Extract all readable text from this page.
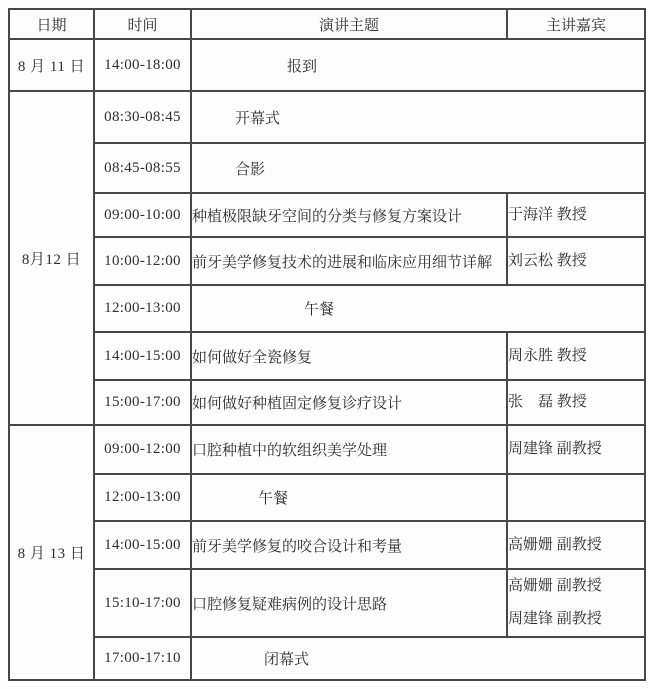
日期	时间	演讲主题	主讲嘉宾
8 月 11 日	14:00-18:00	报到	
8月12 日	08:30-08:45	开幕式	
	08:45-08:55	合影	
	09:00-10:00	种植极限缺牙空间的分类与修复方案设计	于海洋 教授

	10:00-12:00	前牙美学修复技术的进展和临床应用细节详解	刘云松 教授

	12:00-13:00	午餐	
	14:00-15:00	如何做好全瓷修复	周永胜 教授

	15:00-17:00	如何做好种植固定修复诊疗设计	张　磊 教授

8 月 13 日	09:00-12:00	口腔种植中的软组织美学处理	周建锋 副教授

	12:00-13:00	午餐	
	14:00-15:00	前牙美学修复的咬合设计和考量	高姗姗 副教授

	15:10-17:00	口腔修复疑难病例的设计思路	高姗姗 副教授
周建锋 副教授

	17:00-17:10	闭幕式	
